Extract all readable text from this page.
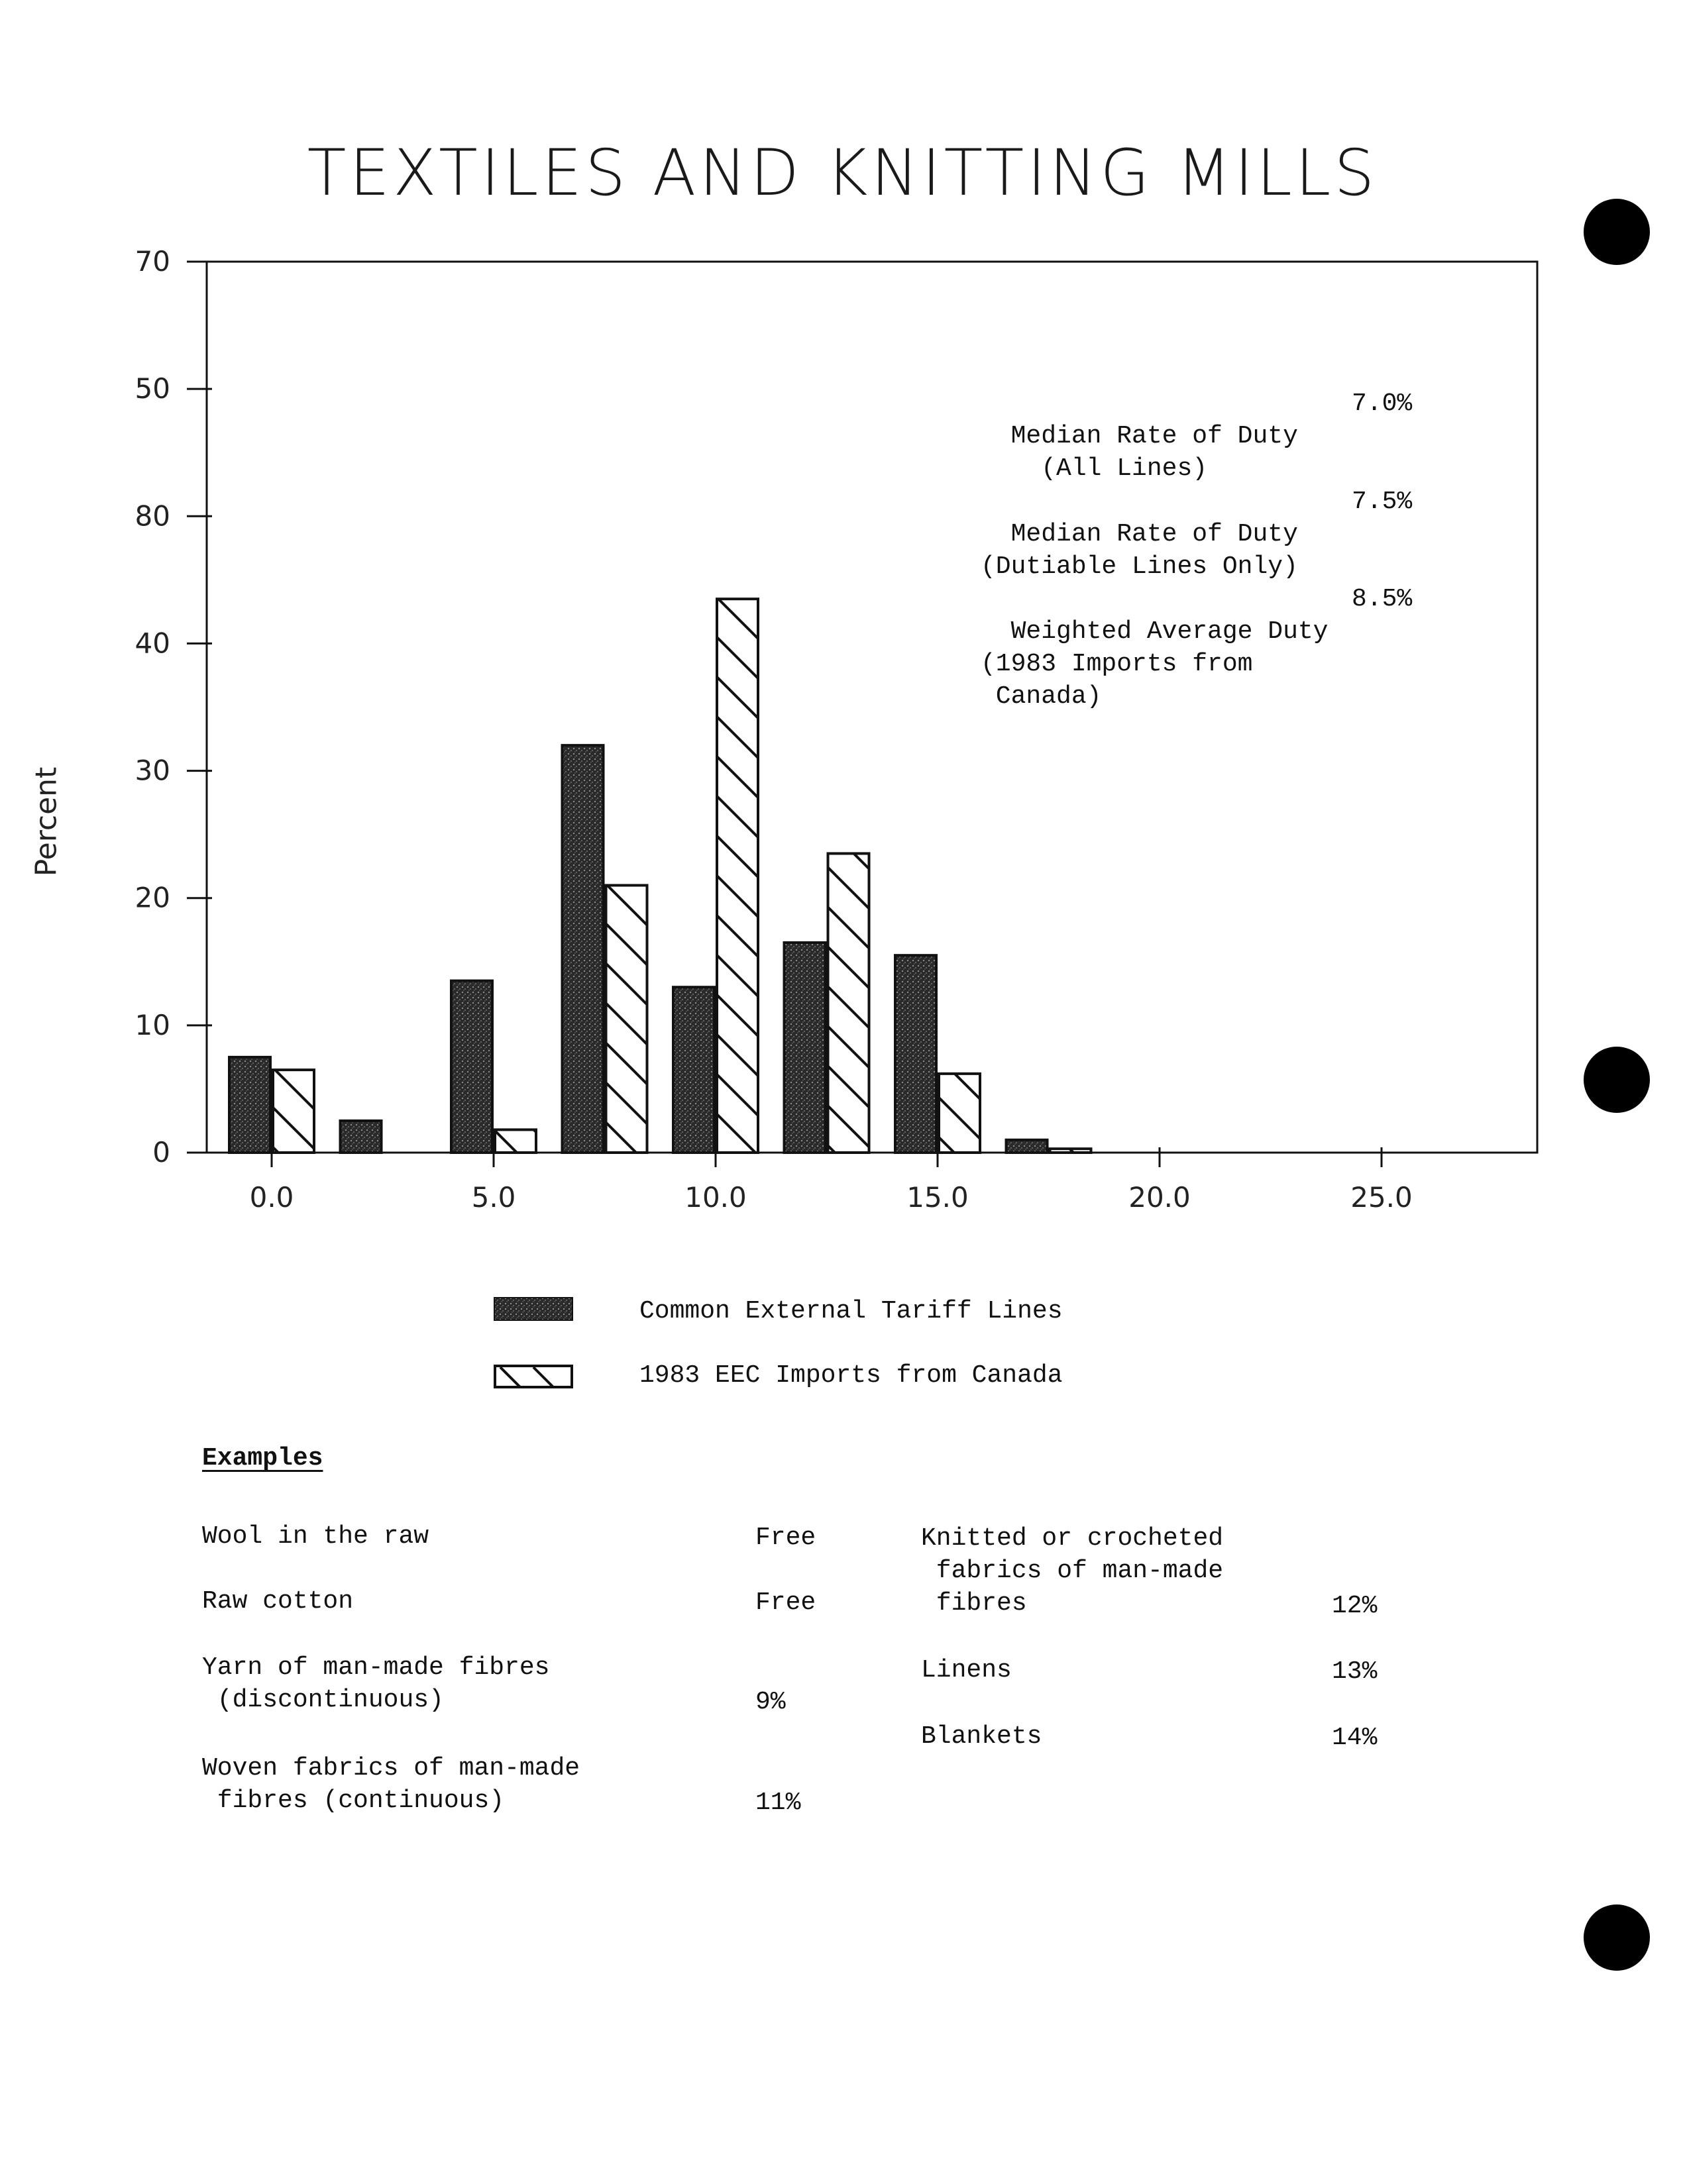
TEXTILES AND KNITTING MILLS
Percent
0
10
20
30
40
80
50
70
0.0	5.0	10.0	15.0	20.0	25.0

Median Rate of Duty
(All Lines)

7.0%

Median Rate of Duty
(Dutiable Lines Only)

7.5%

Weighted Average Duty
(1983 Imports from
Canada)

8.5%

Common External Tariff Lines
1983 EEC Imports from Canada
Examples
Wool in the raw	Free
Raw cotton	Free
Yarn of man-made fibres
(discontinuous)	9%
Woven fabrics of man-made
fibres (continuous)	11%
Knitted or crocheted
fabrics of man-made
fibres	12%
Linens	13%
Blankets	14%
